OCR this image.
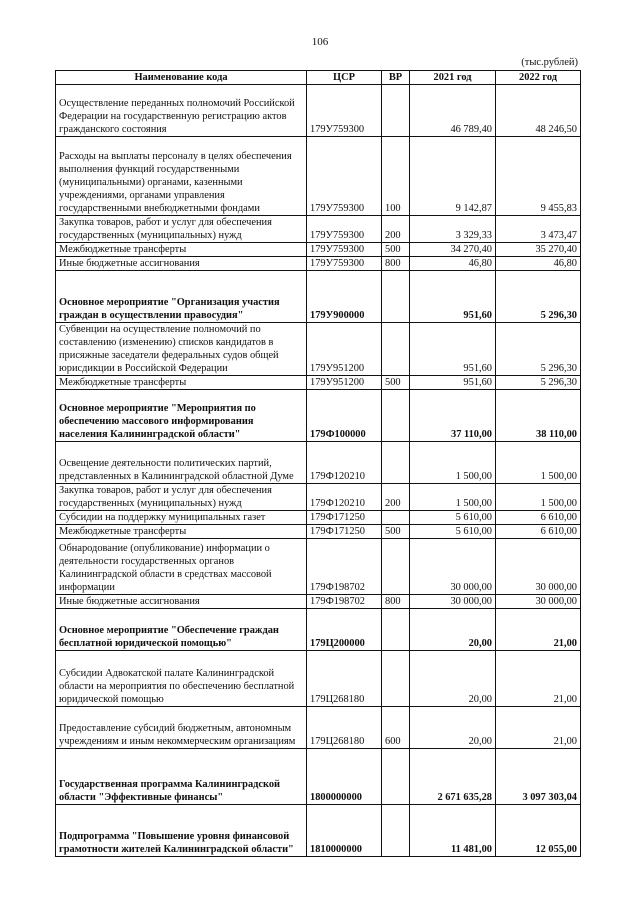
106
(тыс.рублей)
Наименование кода	ЦСР	ВР	2021 год	2022 год
Осуществление переданных полномочий Российской Федерации на государственную регистрацию актов гражданского состояния	179У759300		46 789,40	48 246,50
Расходы на выплаты персоналу в целях обеспечения выполнения функций государственными (муниципальными) органами, казенными учреждениями, органами управления государственными внебюджетными фондами	179У759300	100	9 142,87	9 455,83
Закупка товаров, работ и услуг для обеспечения государственных (муниципальных) нужд	179У759300	200	3 329,33	3 473,47
Межбюджетные трансферты	179У759300	500	34 270,40	35 270,40
Иные бюджетные ассигнования	179У759300	800	46,80	46,80
Основное мероприятие "Организация участия граждан в осуществлении правосудия"	179У900000		951,60	5 296,30
Субвенции на осуществление полномочий по составлению (изменению) списков кандидатов в присяжные заседатели федеральных судов общей юрисдикции в Российской Федерации	179У951200		951,60	5 296,30
Межбюджетные трансферты	179У951200	500	951,60	5 296,30
Основное мероприятие "Мероприятия по обеспечению массового информирования населения Калининградской области"	179Ф100000		37 110,00	38 110,00
Освещение деятельности политических партий, представленных в Калининградской областной Думе	179Ф120210		1 500,00	1 500,00
Закупка товаров, работ и услуг для обеспечения государственных (муниципальных) нужд	179Ф120210	200	1 500,00	1 500,00
Субсидии на поддержку муниципальных газет	179Ф171250		5 610,00	6 610,00
Межбюджетные трансферты	179Ф171250	500	5 610,00	6 610,00
Обнародование (опубликование) информации о деятельности государственных органов Калининградской области в средствах массовой информации	179Ф198702		30 000,00	30 000,00
Иные бюджетные ассигнования	179Ф198702	800	30 000,00	30 000,00
Основное мероприятие "Обеспечение граждан бесплатной юридической помощью"	179Ц200000		20,00	21,00
Субсидии Адвокатской палате Калининградской области на мероприятия по обеспечению бесплатной юридической помощью	179Ц268180		20,00	21,00
Предоставление субсидий бюджетным, автономным учреждениям и иным некоммерческим организациям	179Ц268180	600	20,00	21,00
Государственная программа Калининградской области "Эффективные финансы"	1800000000		2 671 635,28	3 097 303,04
Подпрограмма "Повышение уровня финансовой грамотности жителей Калининградской области"	1810000000		11 481,00	12 055,00
